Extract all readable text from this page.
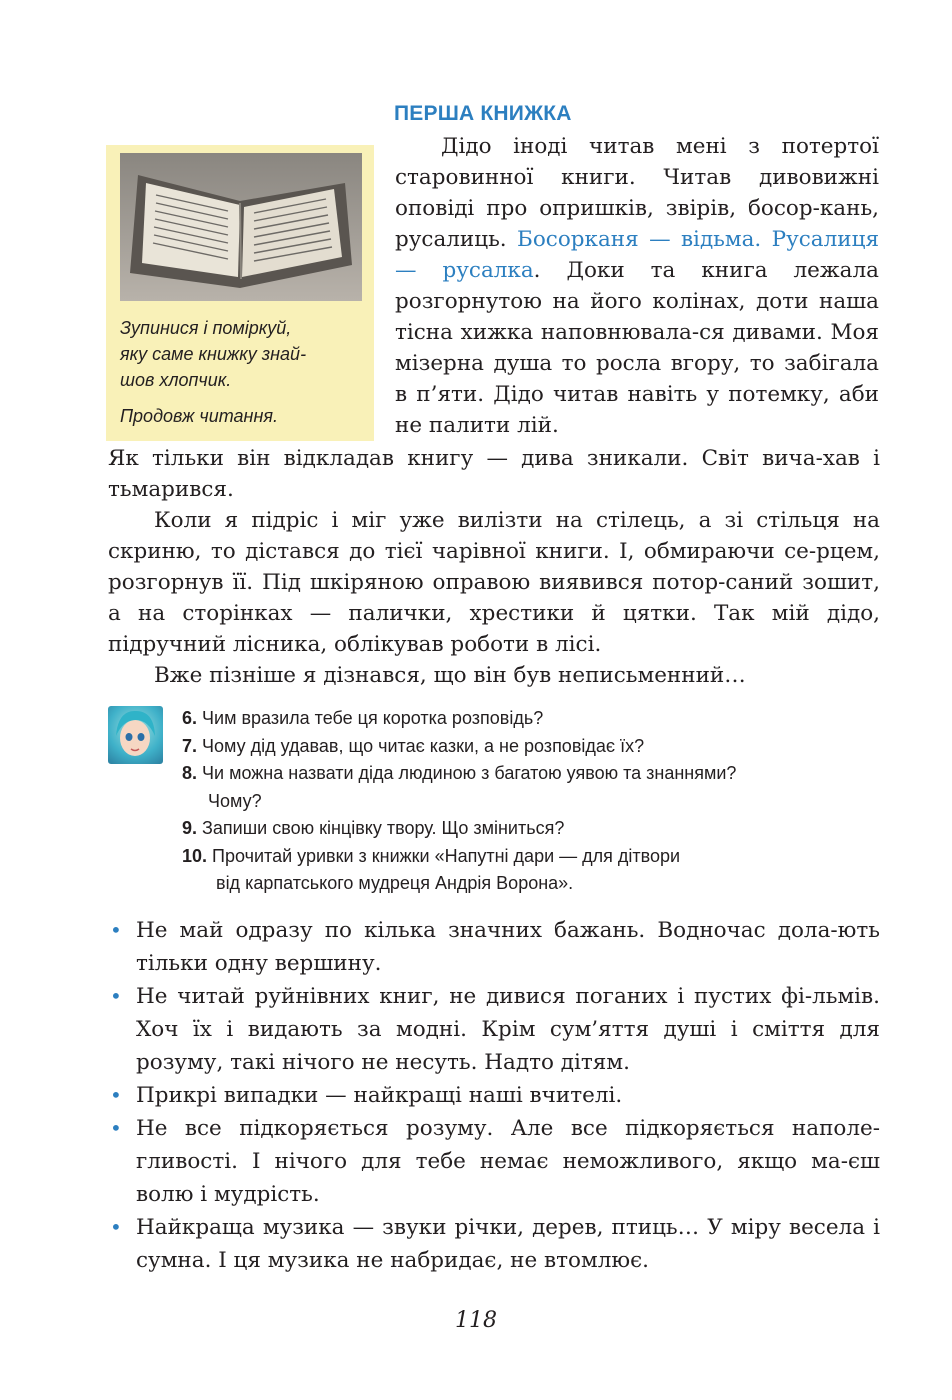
ПЕРША КНИЖКА

Зупинися і поміркуй,

яку саме книжку знай-

шов хлопчик.

Продовж читання.

Дідо іноді читав мені з потертої старовинної книги. Читав дивовижні оповіді про опришків, звірів, босор-кань, русалиць. Босорканя — відьма. Русалиця — русалка. Доки та книга лежала розгорнутою на його колінах, доти наша тісна хижка наповнювала-ся дивами. Моя мізерна душа то росла вгору, то забігала в п’яти. Дідо читав навіть у потемку, аби не палити лій.

Як тільки він відкладав книгу — дива зникали. Світ вича-хав і тьмарився.

Коли я підріс і міг уже вилізти на стілець, а зі стільця на скриню, то дістався до тієї чарівної книги. І, обмираючи се-рцем, розгорнув її. Під шкіряною оправою виявився потор-саний зошит, а на сторінках — палички, хрестики й цятки. Так мій дідо, підручний лісника, облікував роботи в лісі.

Вже пізніше я дізнався, що він був неписьменний…

6. Чим вразила тебе ця коротка розповідь?
7. Чому дід удавав, що читає казки, а не розповідає їх?
8. Чи можна назвати діда людиною з багатою уявою та знаннями?
Чому?
9. Запиши свою кінцівку твору. Що зміниться?
10. Прочитай уривки з книжки «Напутні дари — для дітвори
від карпатського мудреця Андрія Ворона».
• Не май одразу по кілька значних бажань. Водночас дола-ють тільки одну вершину.
• Не читай руйнівних книг, не дивися поганих і пустих фі-льмів. Хоч їх і видають за модні. Крім сум’яття душі і сміття для розуму, такі нічого не несуть. Надто дітям.
• Прикрі випадки — найкращі наші вчителі.
• Не все підкоряється розуму. Але все підкоряється наполе-гливості. І нічого для тебе немає неможливого, якщо ма-єш волю і мудрість.
• Найкраща музика — звуки річки, дерев, птиць… У міру весела і сумна. І ця музика не набридає, не втомлює.
118
